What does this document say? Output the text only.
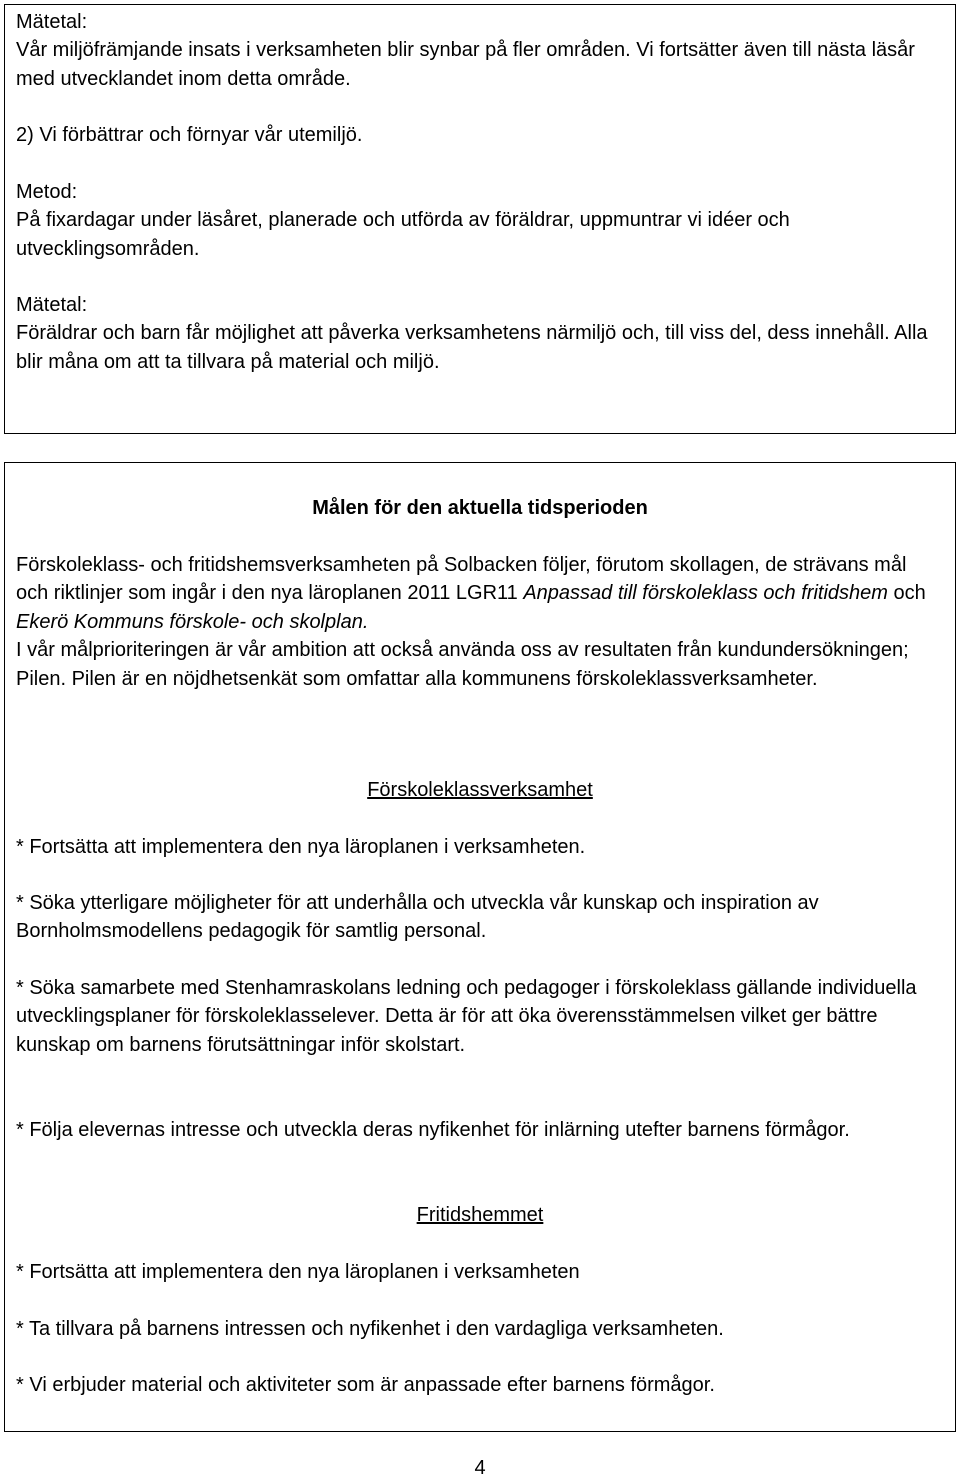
Mätetal:
Vår miljöfrämjande insats i verksamheten blir synbar på fler områden. Vi fortsätter även till nästa läsår med utvecklandet inom detta område.

2) Vi förbättrar och förnyar vår utemiljö.

Metod:
På fixardagar under läsåret, planerade och utförda av föräldrar, uppmuntrar vi idéer och utvecklingsområden.

Mätetal:
Föräldrar och barn får möjlighet att påverka verksamhetens närmiljö och, till viss del, dess innehåll. Alla blir måna om att ta tillvara på material och miljö.

Målen för den aktuella tidsperioden

Förskoleklass- och fritidshemsverksamheten på Solbacken följer, förutom skollagen, de strävans mål och riktlinjer som ingår i den nya läroplanen 2011 LGR11 Anpassad till förskoleklass och fritidshem och Ekerö Kommuns förskole- och skolplan.
I vår målprioriteringen är vår ambition att också använda oss av resultaten från kundundersökningen; Pilen. Pilen är en nöjdhetsenkät som omfattar alla kommunens förskoleklassverksamheter.

Förskoleklassverksamhet

* Fortsätta att implementera den nya läroplanen i verksamheten.

* Söka ytterligare möjligheter för att underhålla och utveckla vår kunskap och inspiration av Bornholmsmodellens pedagogik för samtlig personal.

* Söka samarbete med Stenhamraskolans ledning och pedagoger i förskoleklass gällande individuella utvecklingsplaner för förskoleklasselever. Detta är för att öka överensstämmelsen vilket ger bättre kunskap om barnens förutsättningar inför skolstart.

* Följa elevernas intresse och utveckla deras nyfikenhet för inlärning utefter barnens förmågor.

Fritidshemmet

* Fortsätta att implementera den nya läroplanen i verksamheten

* Ta tillvara på barnens intressen och nyfikenhet i den vardagliga verksamheten.

* Vi erbjuder material och aktiviteter som är anpassade efter barnens förmågor.

4
